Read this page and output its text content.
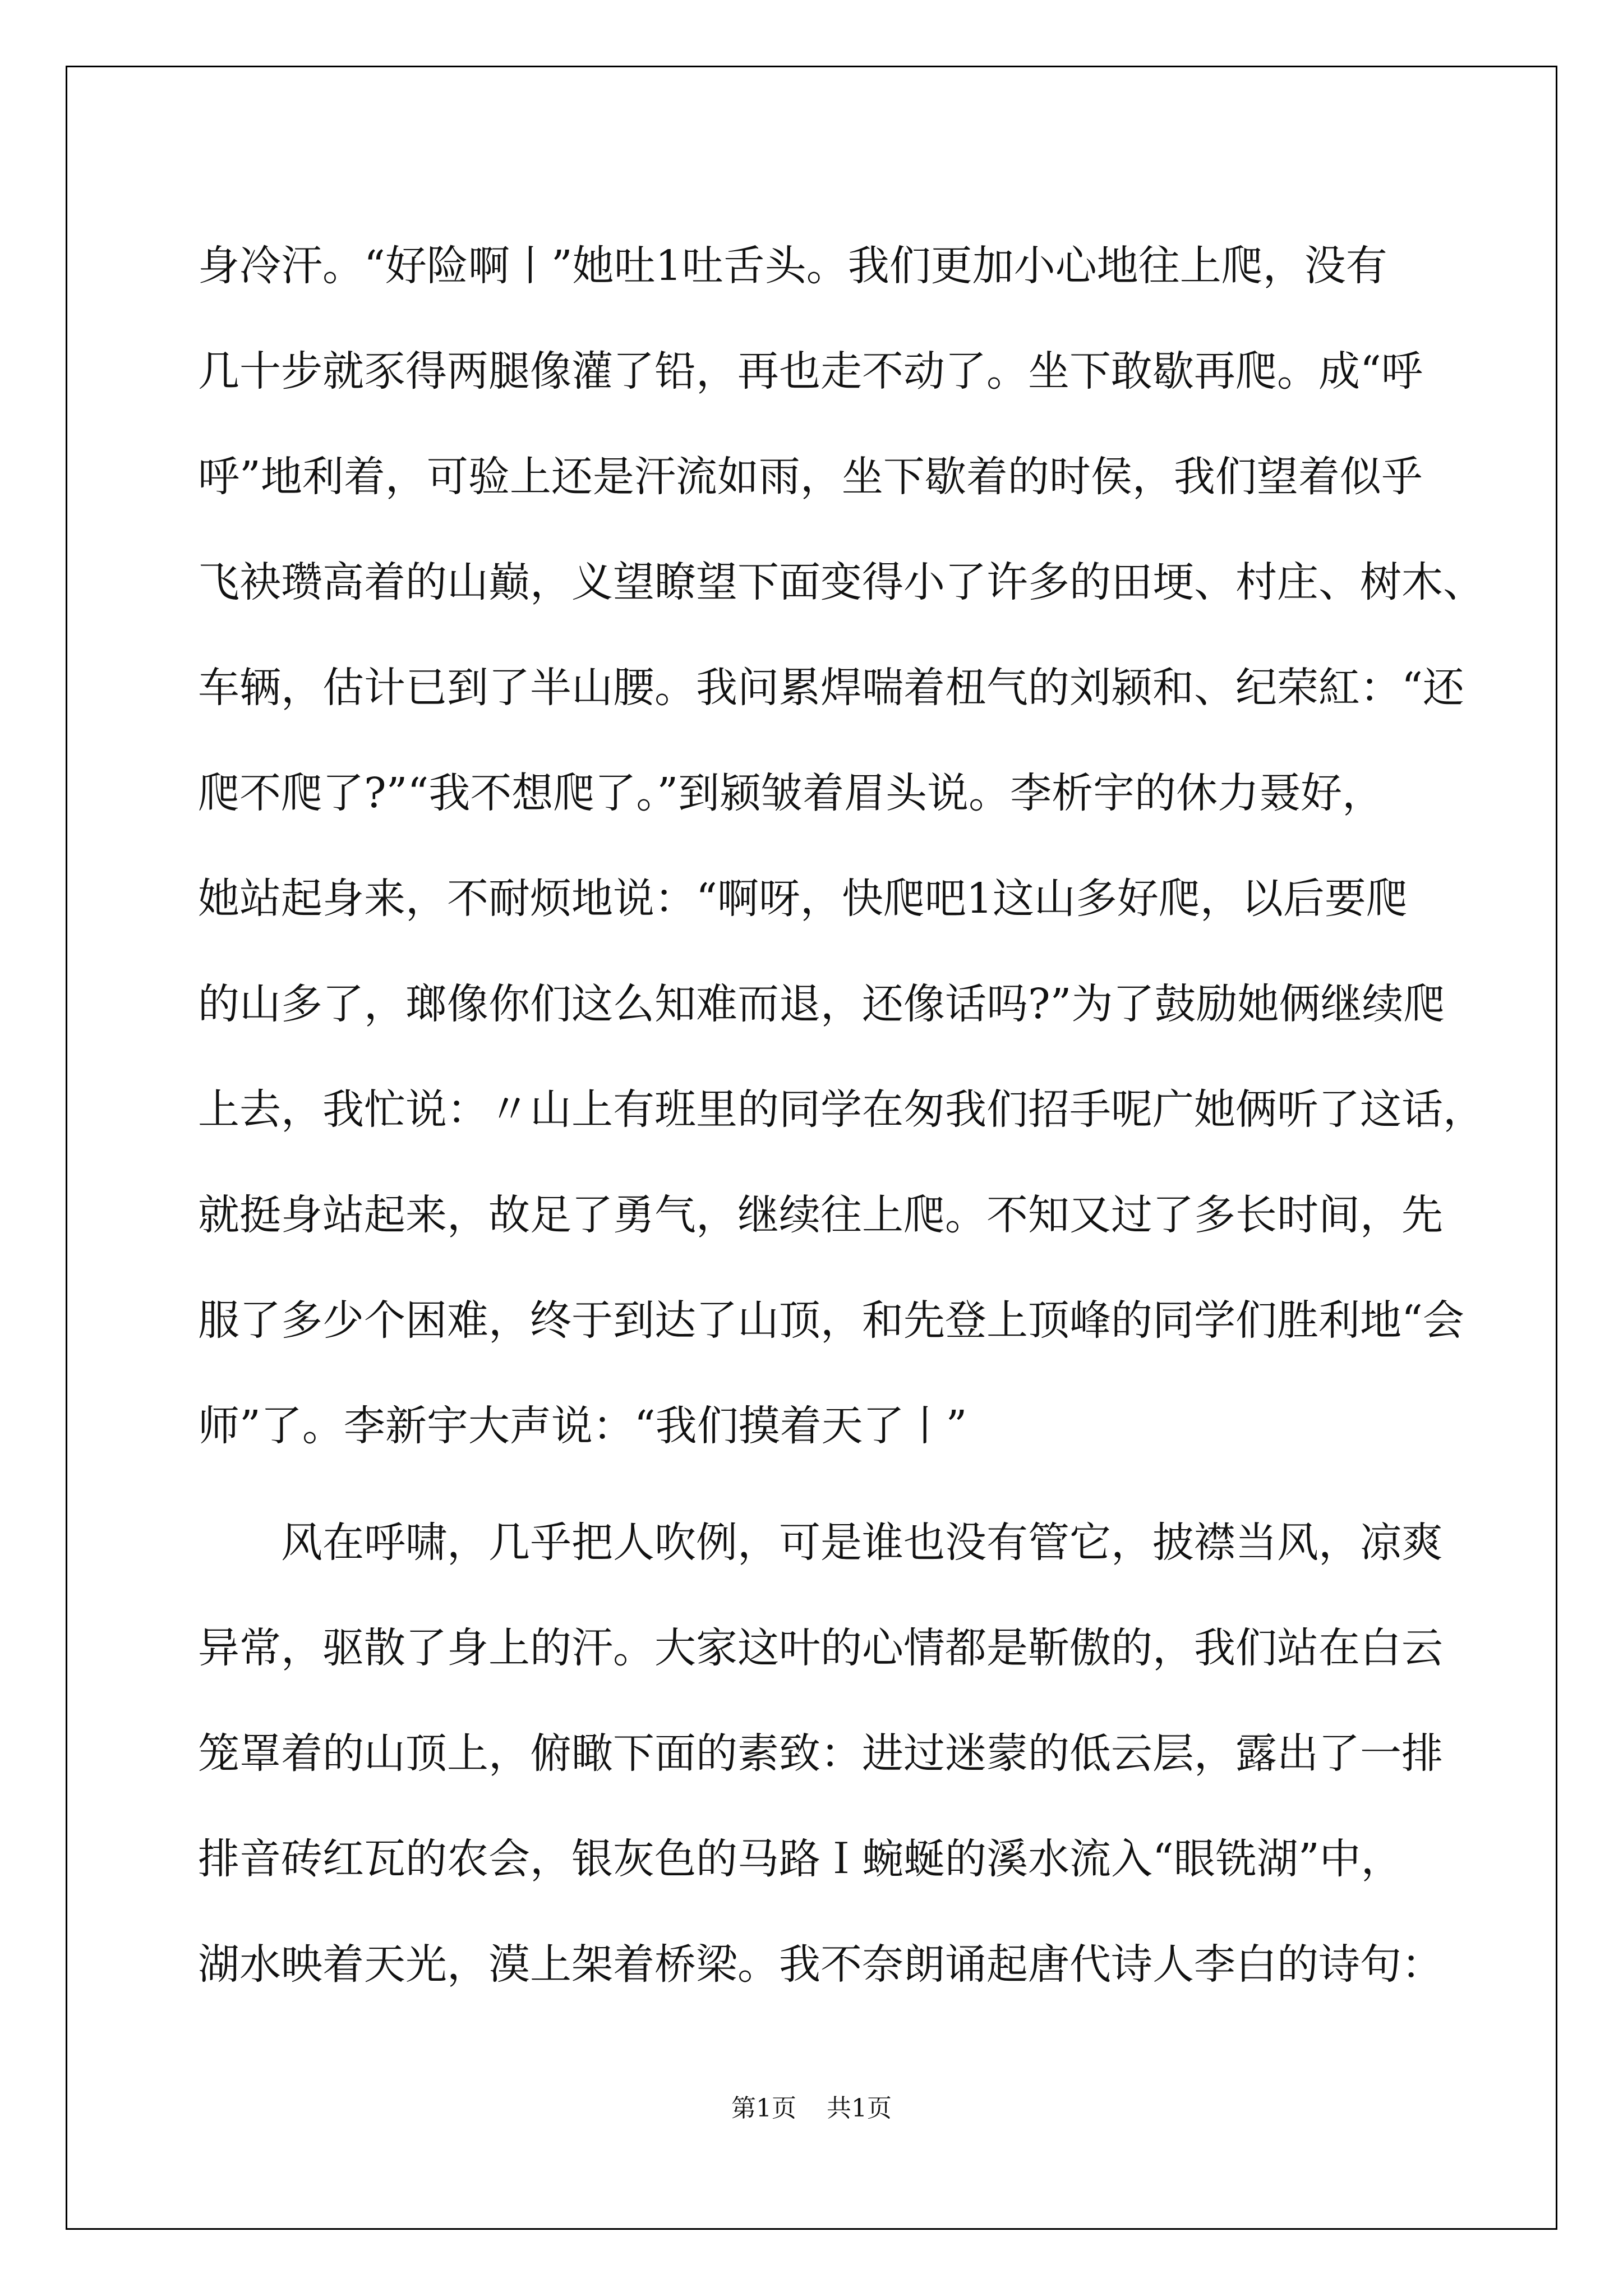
身冷汗。“好险啊丨”她吐1吐舌头。我们更加小心地往上爬，没有
几十步就豕得两腿像灌了铅，再也走不动了。坐下敢歇再爬。成“呼
呼”地利着，可验上还是汗流如雨，坐下歇着的时侯，我们望着似乎
飞袂瓒高着的山巅，义望瞭望下面变得小了许多的田埂、村庄、树木、
车辆，估计已到了半山腰。我问累焊喘着杻气的刘颍和、纪荣紅：“还
爬不爬了?”“我不想爬了。”到颍皱着眉头说。李析宇的休力聂好，
她站起身来，不耐烦地说：“啊呀，快爬吧1这山多好爬，以后要爬
的山多了，瑯像你们这么知难而退，还像话吗?”为了鼓励她俩继续爬
上去，我忙说：〃山上有班里的同学在匆我们招手呢广她俩听了这话，
就挺身站起来，故足了勇气，继续往上爬。不知又过了多长时间，先
服了多少个困难，终于到达了山顶，和先登上顶峰的同学们胜利地“会
师”了。李新宇大声说：“我们摸着天了丨”
风在呼啸，几乎把人吹例，可是谁也没有管它，披襟当风，凉爽
异常，驱散了身上的汗。大家这叶的心情都是靳傲的，我们站在白云
笼罩着的山顶上，俯瞰下面的素致：进过迷蒙的低云层，露出了一排
排音砖红瓦的农会，银灰色的马路Ｉ蜿蜒的溪水流入“眼铣湖”中，
湖水映着天光，漠上架着桥梁。我不奈朗诵起唐代诗人李白的诗句：
第1页 共1页
